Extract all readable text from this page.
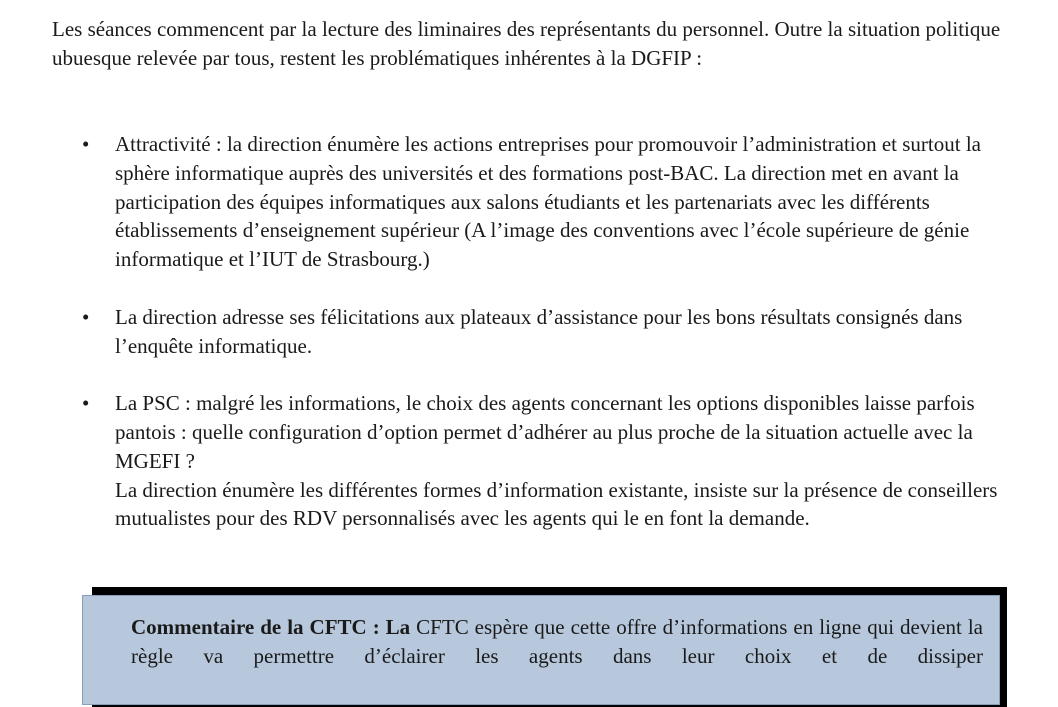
Les séances commencent par la lecture des liminaires des représentants du personnel. Outre la situation politique ubuesque relevée par tous, restent les problématiques inhérentes à la DGFIP :

• Attractivité : la direction énumère les actions entreprises pour promouvoir l’administration et surtout la sphère informatique auprès des universités et des formations post-BAC. La direction met en avant la participation des équipes informatiques aux salons étudiants et les partenariats avec les différents établissements d’enseignement supérieur (A l’image des conventions avec l’école supérieure de génie informatique et l’IUT de Strasbourg.)

• La direction adresse ses félicitations aux plateaux d’assistance pour les bons résultats consignés dans l’enquête informatique.

• La PSC : malgré les informations, le choix des agents concernant les options disponibles laisse parfois pantois : quelle configuration d’option permet d’adhérer au plus proche de la situation actuelle avec la MGEFI ?

La direction énumère les différentes formes d’information existante, insiste sur la présence de conseillers mutualistes pour des RDV personnalisés avec les agents qui le en font la demande.

Commentaire de la CFTC : La CFTC espère que cette offre d’informations en ligne qui devient la règle va permettre d’éclairer les agents dans leur choix et de dissiper
